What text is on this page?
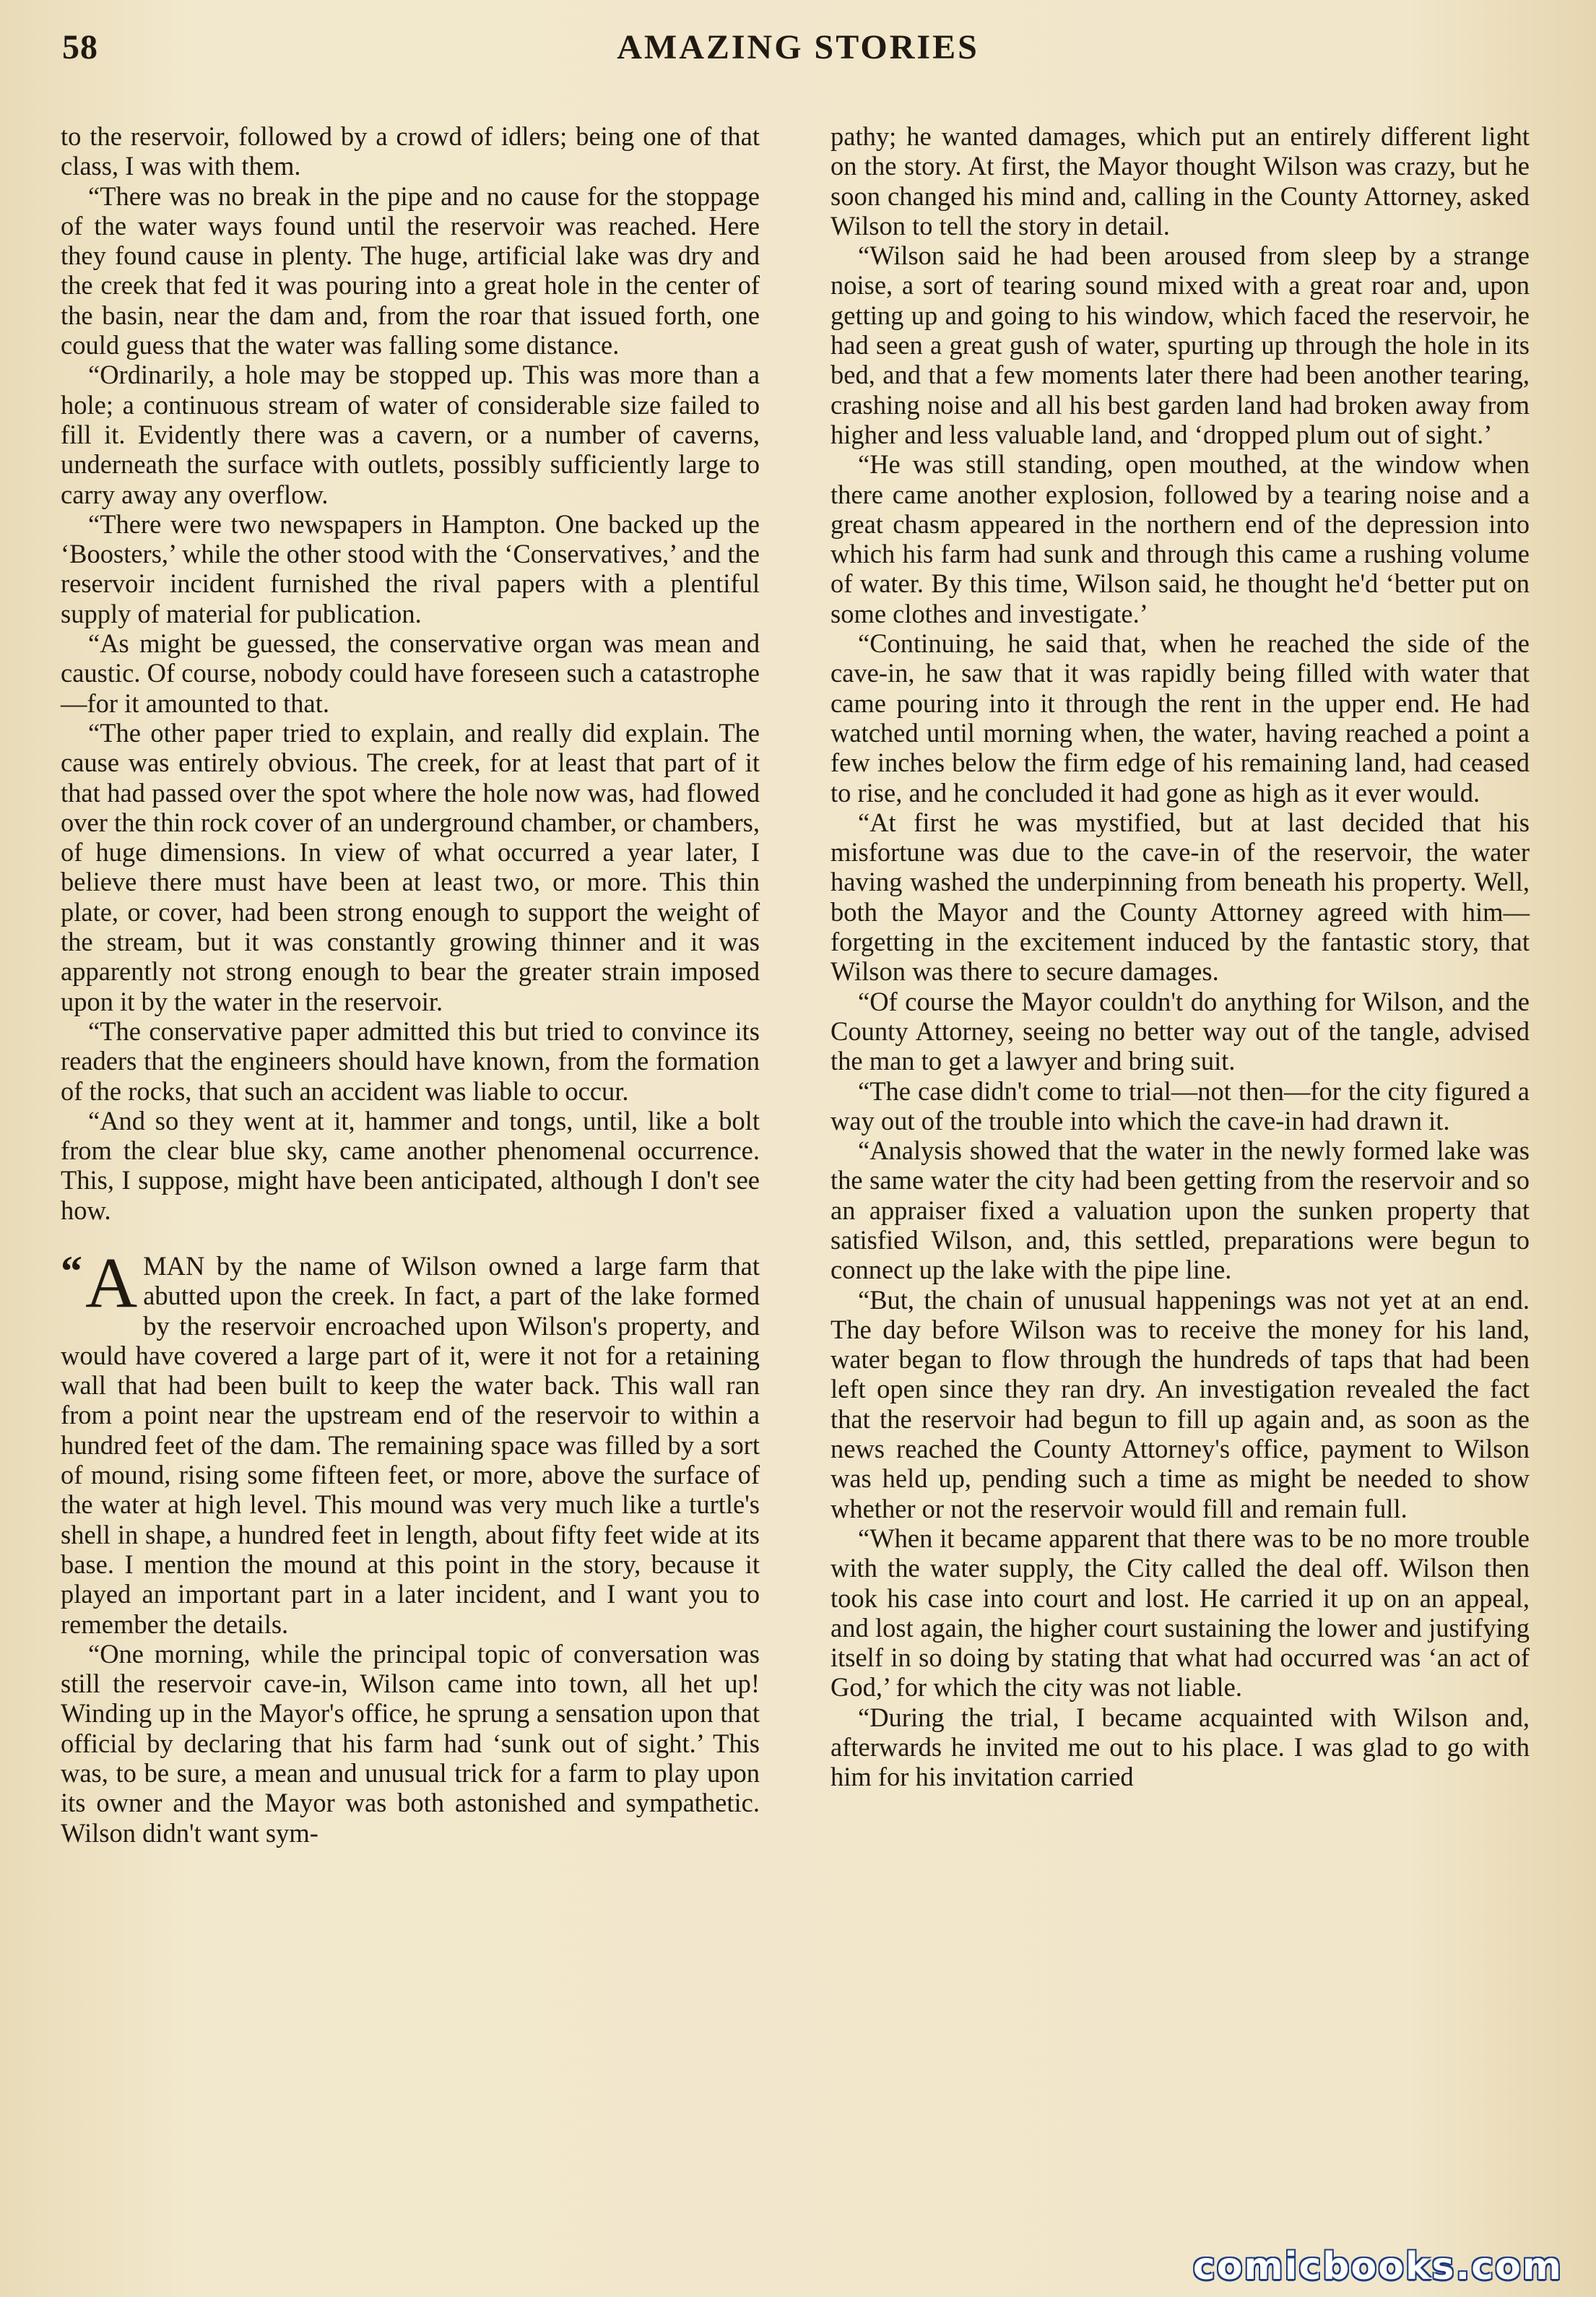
58	AMAZING STORIES

to the reservoir, followed by a crowd of idlers; being one of that class, I was with them.

“There was no break in the pipe and no cause for the stoppage of the water ways found until the reservoir was reached. Here they found cause in plenty. The huge, artificial lake was dry and the creek that fed it was pouring into a great hole in the center of the basin, near the dam and, from the roar that issued forth, one could guess that the water was falling some distance.

“Ordinarily, a hole may be stopped up. This was more than a hole; a continuous stream of water of considerable size failed to fill it. Evidently there was a cavern, or a number of caverns, underneath the surface with outlets, possibly sufficiently large to carry away any overflow.

“There were two newspapers in Hampton. One backed up the ‘Boosters,’ while the other stood with the ‘Conservatives,’ and the reservoir incident furnished the rival papers with a plentiful supply of material for publication.

“As might be guessed, the conservative organ was mean and caustic. Of course, nobody could have foreseen such a catastrophe—for it amounted to that.

“The other paper tried to explain, and really did explain. The cause was entirely obvious. The creek, for at least that part of it that had passed over the spot where the hole now was, had flowed over the thin rock cover of an underground chamber, or chambers, of huge dimensions. In view of what occurred a year later, I believe there must have been at least two, or more. This thin plate, or cover, had been strong enough to support the weight of the stream, but it was constantly growing thinner and it was apparently not strong enough to bear the greater strain imposed upon it by the water in the reservoir.

“The conservative paper admitted this but tried to convince its readers that the engineers should have known, from the formation of the rocks, that such an accident was liable to occur.

“And so they went at it, hammer and tongs, until, like a bolt from the clear blue sky, came another phenomenal occurrence. This, I suppose, might have been anticipated, although I don't see how.

“ A MAN by the name of Wilson owned a large farm that abutted upon the creek. In fact, a part of the lake formed by the reservoir encroached upon Wilson's property, and would have covered a large part of it, were it not for a retaining wall that had been built to keep the water back. This wall ran from a point near the upstream end of the reservoir to within a hundred feet of the dam. The remaining space was filled by a sort of mound, rising some fifteen feet, or more, above the surface of the water at high level. This mound was very much like a turtle's shell in shape, a hundred feet in length, about fifty feet wide at its base. I mention the mound at this point in the story, because it played an important part in a later incident, and I want you to remember the details.

“One morning, while the principal topic of conversation was still the reservoir cave-in, Wilson came into town, all het up! Winding up in the Mayor's office, he sprung a sensation upon that official by declaring that his farm had ‘sunk out of sight.’ This was, to be sure, a mean and unusual trick for a farm to play upon its owner and the Mayor was both astonished and sympathetic. Wilson didn't want sym-

pathy; he wanted damages, which put an entirely different light on the story. At first, the Mayor thought Wilson was crazy, but he soon changed his mind and, calling in the County Attorney, asked Wilson to tell the story in detail.

“Wilson said he had been aroused from sleep by a strange noise, a sort of tearing sound mixed with a great roar and, upon getting up and going to his window, which faced the reservoir, he had seen a great gush of water, spurting up through the hole in its bed, and that a few moments later there had been another tearing, crashing noise and all his best garden land had broken away from higher and less valuable land, and ‘dropped plum out of sight.’

“He was still standing, open mouthed, at the window when there came another explosion, followed by a tearing noise and a great chasm appeared in the northern end of the depression into which his farm had sunk and through this came a rushing volume of water. By this time, Wilson said, he thought he'd ‘better put on some clothes and investigate.’

“Continuing, he said that, when he reached the side of the cave-in, he saw that it was rapidly being filled with water that came pouring into it through the rent in the upper end. He had watched until morning when, the water, having reached a point a few inches below the firm edge of his remaining land, had ceased to rise, and he concluded it had gone as high as it ever would.

“At first he was mystified, but at last decided that his misfortune was due to the cave-in of the reservoir, the water having washed the underpinning from beneath his property. Well, both the Mayor and the County Attorney agreed with him—forgetting in the excitement induced by the fantastic story, that Wilson was there to secure damages.

“Of course the Mayor couldn't do anything for Wilson, and the County Attorney, seeing no better way out of the tangle, advised the man to get a lawyer and bring suit.

“The case didn't come to trial—not then—for the city figured a way out of the trouble into which the cave-in had drawn it.

“Analysis showed that the water in the newly formed lake was the same water the city had been getting from the reservoir and so an appraiser fixed a valuation upon the sunken property that satisfied Wilson, and, this settled, preparations were begun to connect up the lake with the pipe line.

“But, the chain of unusual happenings was not yet at an end. The day before Wilson was to receive the money for his land, water began to flow through the hundreds of taps that had been left open since they ran dry. An investigation revealed the fact that the reservoir had begun to fill up again and, as soon as the news reached the County Attorney's office, payment to Wilson was held up, pending such a time as might be needed to show whether or not the reservoir would fill and remain full.

“When it became apparent that there was to be no more trouble with the water supply, the City called the deal off. Wilson then took his case into court and lost. He carried it up on an appeal, and lost again, the higher court sustaining the lower and justifying itself in so doing by stating that what had occurred was ‘an act of God,’ for which the city was not liable.

“During the trial, I became acquainted with Wilson and, afterwards he invited me out to his place. I was glad to go with him for his invitation carried

comicbooks.com
